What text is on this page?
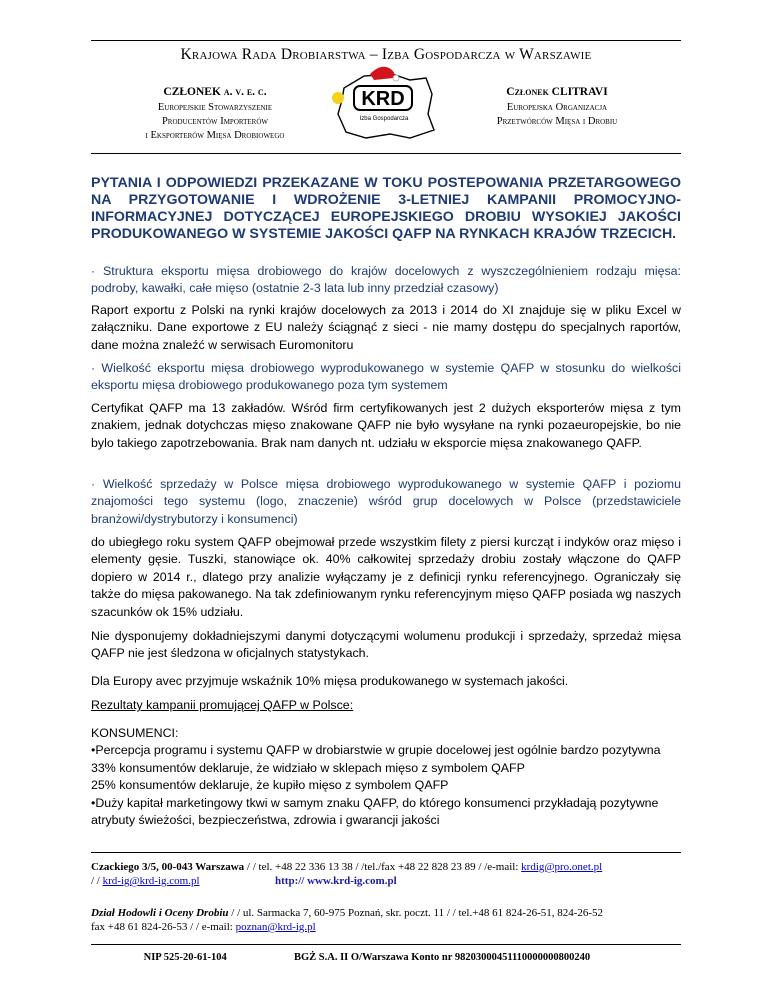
Krajowa Rada Drobiarstwa – Izba Gospodarcza w Warszawie
CZŁONEK a. v. e. c.
Europejskie Stowarzyszenie
Producentów Importerów
i Eksporterów Mięsa Drobiowego
KRD
Izba Gospodarcza
Członek CLITRAVI
Europejska Organizacja
Przetwórców Mięsa i Drobiu
PYTANIA I ODPOWIEDZI PRZEKAZANE W TOKU POSTEPOWANIA PRZETARGOWEGO NA PRZYGOTOWANIE I WDROŻENIE 3-LETNIEJ KAMPANII PROMOCYJNO-INFORMACYJNEJ DOTYCZĄCEJ EUROPEJSKIEGO DROBIU WYSOKIEJ JAKOŚCI PRODUKOWANEGO W SYSTEMIE JAKOŚCI QAFP NA RYNKACH KRAJÓW TRZECICH.
· Struktura eksportu mięsa drobiowego do krajów docelowych z wyszczególnieniem rodzaju mięsa: podroby, kawałki, całe mięso (ostatnie 2-3 lata lub inny przedział czasowy)
Raport exportu z Polski na rynki krajów docelowych za 2013 i 2014 do XI znajduje się w pliku Excel w załączniku. Dane exportowe z EU należy ściągnąć z sieci - nie mamy dostępu do specjalnych raportów, dane można znaleźć w serwisach Euromonitoru
· Wielkość eksportu mięsa drobiowego wyprodukowanego w systemie QAFP w stosunku do wielkości eksportu mięsa drobiowego produkowanego poza tym systemem
Certyfikat QAFP ma 13 zakładów. Wśród firm certyfikowanych jest 2 dużych eksporterów mięsa z tym znakiem, jednak dotychczas mięso znakowane QAFP nie było wysyłane na rynki pozaeuropejskie, bo nie bylo takiego zapotrzebowania. Brak nam danych nt. udziału w eksporcie mięsa znakowanego QAFP.
· Wielkość sprzedaży w Polsce mięsa drobiowego wyprodukowanego w systemie QAFP i poziomu znajomości tego systemu (logo, znaczenie) wśród grup docelowych w Polsce (przedstawiciele branżowi/dystrybutorzy i konsumenci)
do ubiegłego roku system QAFP obejmował przede wszystkim filety z piersi kurcząt i indyków oraz mięso i elementy gęsie. Tuszki, stanowiące ok. 40% całkowitej sprzedaży drobiu zostały włączone do QAFP dopiero w 2014 r., dlatego przy analizie wyłączamy je z definicji rynku referencyjnego. Ograniczały się także do mięsa pakowanego. Na tak zdefiniowanym rynku referencyjnym mięso QAFP posiada wg naszych szacunków ok 15% udziału.
Nie dysponujemy dokładniejszymi danymi dotyczącymi wolumenu produkcji i sprzedaży, sprzedaż mięsa QAFP nie jest śledzona w oficjalnych statystykach.
Dla Europy avec przyjmuje wskaźnik 10% mięsa produkowanego w systemach jakości.
Rezultaty kampanii promującej QAFP w Polsce:
KONSUMENCI:
•Percepcja programu i systemu QAFP w drobiarstwie w grupie docelowej jest ogólnie bardzo pozytywna
33% konsumentów deklaruje, że widziało w sklepach mięso z symbolem QAFP
25% konsumentów deklaruje, że kupiło mięso z symbolem QAFP
•Duży kapitał marketingowy tkwi w samym znaku QAFP, do którego konsumenci przykładają pozytywne atrybuty świeżości, bezpieczeństwa, zdrowia i gwarancji jakości
Czackiego 3/5, 00-043 Warszawa / / tel. +48 22 336 13 38 / /tel./fax +48 22 828 23 89 / /e-mail: krdig@pro.onet.pl
/ / krd-ig@krd-ig.com.pl	http:// www.krd-ig.com.pl
Dział Hodowli i Oceny Drobiu / / ul. Sarmacka 7, 60-975 Poznań, skr. poczt. 11 / / tel.+48 61 824-26-51, 824-26-52
fax +48 61 824-26-53 / / e-mail: poznan@krd-ig.pl
NIP 525-20-61-104	BGŻ S.A. II O/Warszawa Konto nr 98203000451110000000800240
